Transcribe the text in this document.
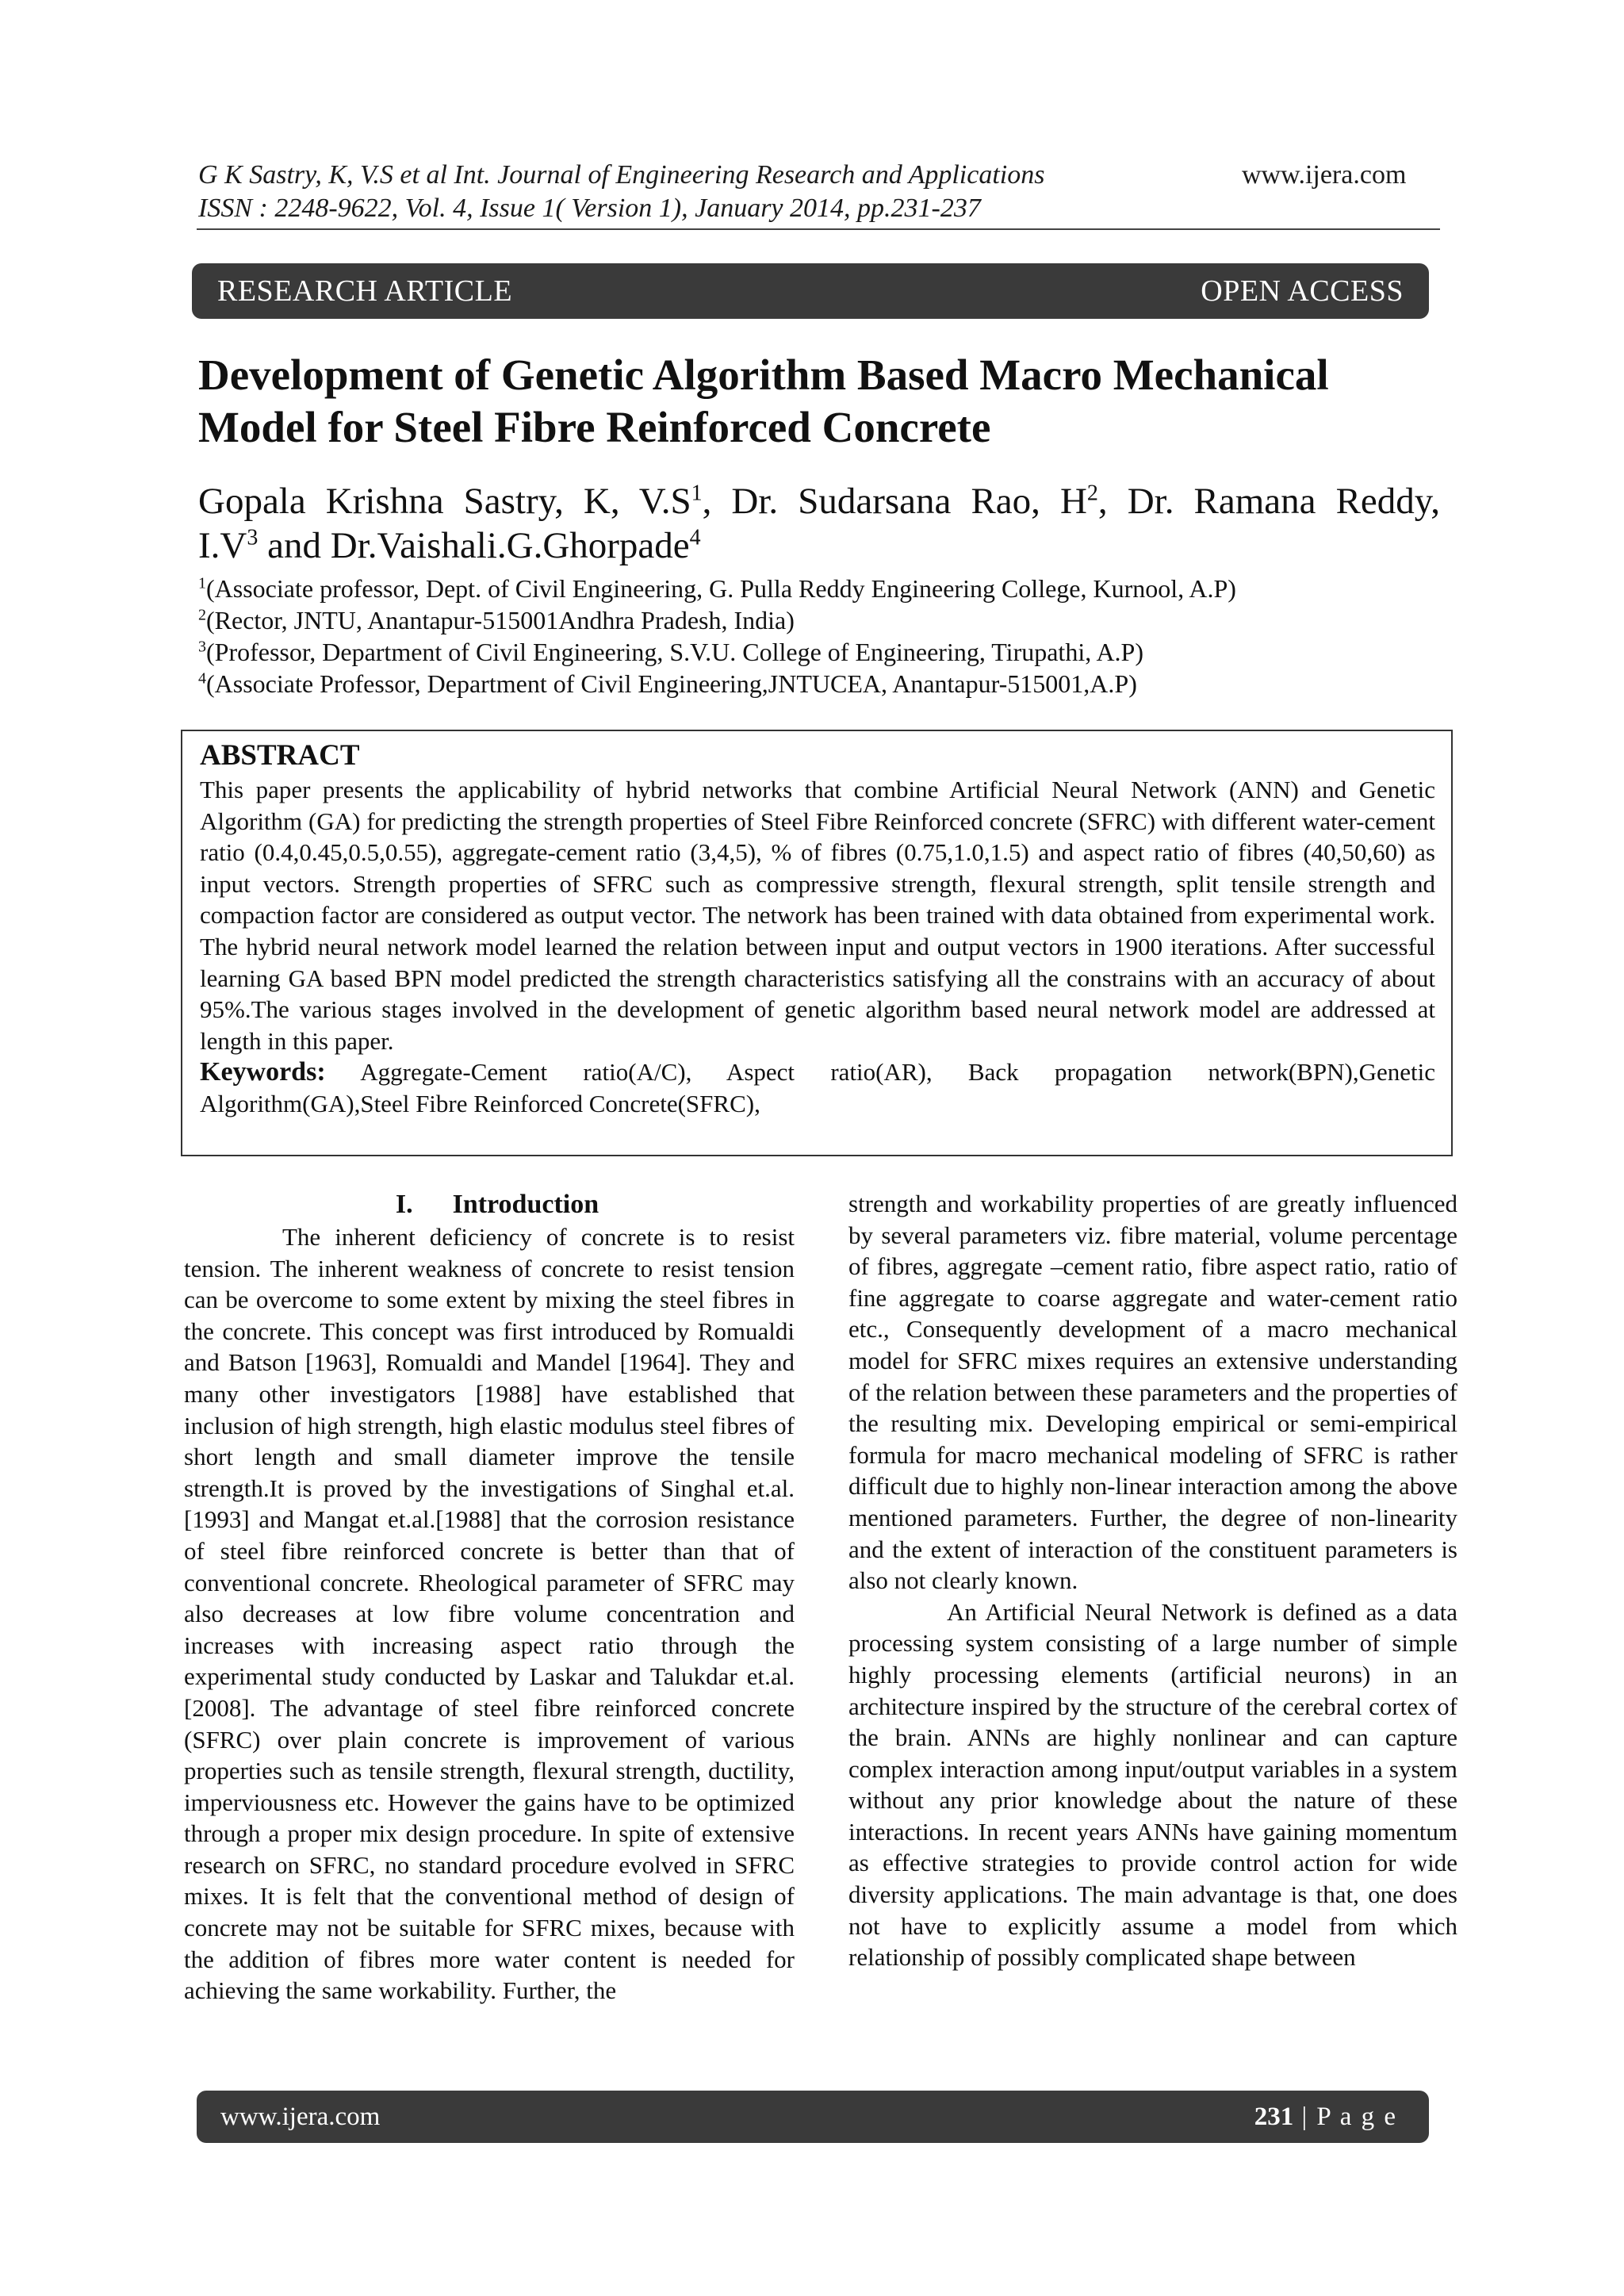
G K Sastry, K, V.S et al Int. Journal of Engineering Research and Applications
ISSN : 2248-9622, Vol. 4, Issue 1( Version 1), January 2014, pp.231-237
www.ijera.com
RESEARCH ARTICLE	OPEN ACCESS
Development of Genetic Algorithm Based Macro Mechanical
Model for Steel Fibre Reinforced Concrete
Gopala Krishna Sastry, K, $V.S^1$, Dr. Sudarsana Rao, $H^2$, Dr. Ramana Reddy,
$I.V^3$ and Dr.Vaishali.G.Ghorpade$^4$
$^1$(Associate professor, Dept. of Civil Engineering, G. Pulla Reddy Engineering College, Kurnool, A.P)
$^2$(Rector, JNTU, Anantapur-515001Andhra Pradesh, India)
$^3$(Professor, Department of Civil Engineering, S.V.U. College of Engineering, Tirupathi, A.P)
$^4$(Associate Professor, Department of Civil Engineering,JNTUCEA, Anantapur-515001,A.P)

ABSTRACT

This paper presents the applicability of hybrid networks that combine Artificial Neural Network (ANN) and Genetic Algorithm (GA) for predicting the strength properties of Steel Fibre Reinforced concrete (SFRC) with different water-cement ratio (0.4,0.45,0.5,0.55), aggregate-cement ratio (3,4,5), % of fibres (0.75,1.0,1.5) and aspect ratio of fibres (40,50,60) as input vectors. Strength properties of SFRC such as compressive strength, flexural strength, split tensile strength and compaction factor are considered as output vector. The network has been trained with data obtained from experimental work. The hybrid neural network model learned the relation between input and output vectors in 1900 iterations. After successful learning GA based BPN model predicted the strength characteristics satisfying all the constrains with an accuracy of about 95%.The various stages involved in the development of genetic algorithm based neural network model are addressed at length in this paper.

Keywords: Aggregate-Cement ratio(A/C), Aspect ratio(AR), Back propagation network(BPN),Genetic Algorithm(GA),Steel Fibre Reinforced Concrete(SFRC),

I. Introduction

The inherent deficiency of concrete is to resist tension. The inherent weakness of concrete to resist tension can be overcome to some extent by mixing the steel fibres in the concrete. This concept was first introduced by Romualdi and Batson [1963], Romualdi and Mandel [1964]. They and many other investigators [1988] have established that inclusion of high strength, high elastic modulus steel fibres of short length and small diameter improve the tensile strength.It is proved by the investigations of Singhal et.al. [1993] and Mangat et.al.[1988] that the corrosion resistance of steel fibre reinforced concrete is better than that of conventional concrete. Rheological parameter of SFRC may also decreases at low fibre volume concentration and increases with increasing aspect ratio through the experimental study conducted by Laskar and Talukdar et.al.[2008]. The advantage of steel fibre reinforced concrete (SFRC) over plain concrete is improvement of various properties such as tensile strength, flexural strength, ductility, imperviousness etc. However the gains have to be optimized through a proper mix design procedure. In spite of extensive research on SFRC, no standard procedure evolved in SFRC mixes. It is felt that the conventional method of design of concrete may not be suitable for SFRC mixes, because with the addition of fibres more water content is needed for achieving the same workability. Further, the

strength and workability properties of are greatly influenced by several parameters viz. fibre material, volume percentage of fibres, aggregate –cement ratio, fibre aspect ratio, ratio of fine aggregate to coarse aggregate and water-cement ratio etc., Consequently development of a macro mechanical model for SFRC mixes requires an extensive understanding of the relation between these parameters and the properties of the resulting mix. Developing empirical or semi-empirical formula for macro mechanical modeling of SFRC is rather difficult due to highly non-linear interaction among the above mentioned parameters. Further, the degree of non-linearity and the extent of interaction of the constituent parameters is also not clearly known.

An Artificial Neural Network is defined as a data processing system consisting of a large number of simple highly processing elements (artificial neurons) in an architecture inspired by the structure of the cerebral cortex of the brain. ANNs are highly nonlinear and can capture complex interaction among input/output variables in a system without any prior knowledge about the nature of these interactions. In recent years ANNs have gaining momentum as effective strategies to provide control action for wide diversity applications. The main advantage is that, one does not have to explicitly assume a model from which relationship of possibly complicated shape between

www.ijera.com	231 | P a g e
